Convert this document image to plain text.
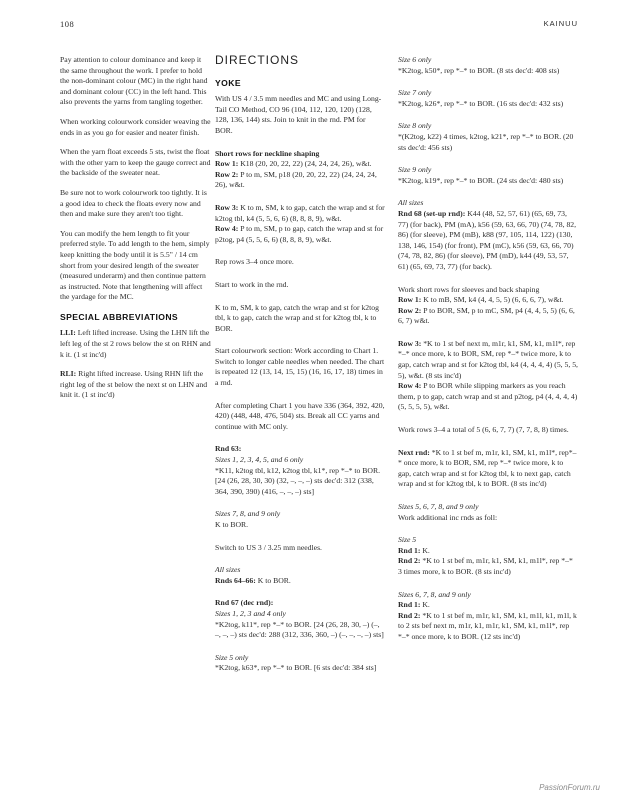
108	KAINUU

Pay attention to colour dominance and keep it the same throughout the work. I prefer to hold the non-dominant colour (MC) in the right hand and dominant colour (CC) in the left hand. This also prevents the yarns from tangling together.

When working colourwork consider weaving the ends in as you go for easier and neater finish.

When the yarn float exceeds 5 sts, twist the float with the other yarn to keep the gauge correct and the backside of the sweater neat.

Be sure not to work colourwork too tightly. It is a good idea to check the floats every now and then and make sure they aren't too tight.

You can modify the hem length to fit your preferred style. To add length to the hem, simply keep knitting the body until it is 5.5" / 14 cm short from your desired length of the sweater (measured underarm) and then continue pattern as instructed. Note that lengthening will affect the yardage for the MC.

SPECIAL ABBREVIATIONS

LLI: Left lifted increase. Using the LHN lift the left leg of the st 2 rows below the st on RHN and k it. (1 st inc'd)

RLI: Right lifted increase. Using RHN lift the right leg of the st below the next st on LHN and knit it. (1 st inc'd)

DIRECTIONS
YOKE

With US 4 / 3.5 mm needles and MC and using Long-Tail CO Method, CO 96 (104, 112, 120, 120) (128, 128, 136, 144) sts. Join to knit in the rnd. PM for BOR.

Short rows for neckline shaping
Row 1: K18 (20, 20, 22, 22) (24, 24, 24, 26), w&t.

Row 2: P to m, SM, p18 (20, 20, 22, 22) (24, 24, 24, 26), w&t.

Row 3: K to m, SM, k to gap, catch the wrap and st for k2tog tbl, k4 (5, 5, 6, 6) (8, 8, 8, 9), w&t.

Row 4: P to m, SM, p to gap, catch the wrap and st for p2tog, p4 (5, 5, 6, 6) (8, 8, 8, 9), w&t.

Rep rows 3–4 once more.

Start to work in the rnd.

K to m, SM, k to gap, catch the wrap and st for k2tog tbl, k to gap, catch the wrap and st for k2tog tbl, k to BOR.

Start colourwork section: Work according to Chart 1. Switch to longer cable needles when needed. The chart is repeated 12 (13, 14, 15, 15) (16, 16, 17, 18) times in a rnd.

After completing Chart 1 you have 336 (364, 392, 420, 420) (448, 448, 476, 504) sts. Break all CC yarns and continue with MC only.

Rnd 63:
Sizes 1, 2, 3, 4, 5, and 6 only

*K11, k2tog tbl, k12, k2tog tbl, k1*, rep *–* to BOR. [24 (26, 28, 30, 30) (32, –, –, –) sts dec'd: 312 (338, 364, 390, 390) (416, –, –, –) sts]

Sizes 7, 8, and 9 only

K to BOR.

Switch to US 3 / 3.25 mm needles.

All sizes

Rnds 64–66: K to BOR.

Rnd 67 (dec rnd):
Sizes 1, 2, 3 and 4 only

*K2tog, k11*, rep *–* to BOR. [24 (26, 28, 30, –) (–, –, –, –) sts dec'd: 288 (312, 336, 360, –) (–, –, –, –) sts]

Size 5 only

*K2tog, k63*, rep *–* to BOR. [6 sts dec'd: 384 sts]

Size 6 only

*K2tog, k50*, rep *–* to BOR. (8 sts dec'd: 408 sts)

Size 7 only

*K2tog, k26*, rep *–* to BOR. (16 sts dec'd: 432 sts)

Size 8 only

*(K2tog, k22) 4 times, k2tog, k21*, rep *–* to BOR. (20 sts dec'd: 456 sts)

Size 9 only

*K2tog, k19*, rep *–* to BOR. (24 sts dec'd: 480 sts)

All sizes

Rnd 68 (set-up rnd): K44 (48, 52, 57, 61) (65, 69, 73, 77) (for back), PM (mA), k56 (59, 63, 66, 70) (74, 78, 82, 86) (for sleeve), PM (mB), k88 (97, 105, 114, 122) (130, 138, 146, 154) (for front), PM (mC), k56 (59, 63, 66, 70) (74, 78, 82, 86) (for sleeve), PM (mD), k44 (49, 53, 57, 61) (65, 69, 73, 77) (for back).

Work short rows for sleeves and back shaping
Row 1: K to mB, SM, k4 (4, 4, 5, 5) (6, 6, 6, 7), w&t.

Row 2: P to BOR, SM, p to mC, SM, p4 (4, 4, 5, 5) (6, 6, 6, 7) w&t.

Row 3: *K to 1 st bef next m, m1r, k1, SM, k1, m1l*, rep *–* once more, k to BOR, SM, rep *–* twice more, k to gap, catch wrap and st for k2tog tbl, k4 (4, 4, 4, 4) (5, 5, 5, 5), w&t. (8 sts inc'd)

Row 4: P to BOR while slipping markers as you reach them, p to gap, catch wrap and st and p2tog, p4 (4, 4, 4, 4) (5, 5, 5, 5), w&t.

Work rows 3–4 a total of 5 (6, 6, 7, 7) (7, 7, 8, 8) times.

Next rnd: *K to 1 st bef m, m1r, k1, SM, k1, m1l*, rep*–* once more, k to BOR, SM, rep *–* twice more, k to gap, catch wrap and st for k2tog tbl, k to next gap, catch wrap and st for k2tog tbl, k to BOR. (8 sts inc'd)

Sizes 5, 6, 7, 8, and 9 only

Work additional inc rnds as foll:

Size 5
Rnd 1: K.

Rnd 2: *K to 1 st bef m, m1r, k1, SM, k1, m1l*, rep *–* 3 times more, k to BOR. (8 sts inc'd)

Sizes 6, 7, 8, and 9 only
Rnd 1: K.

Rnd 2: *K to 1 st bef m, m1r, k1, SM, k1, m1l, k1, m1l, k to 2 sts bef next m, m1r, k1, m1r, k1, SM, k1, m1l*, rep *–* once more, k to BOR. (12 sts inc'd)

PassionForum.ru
